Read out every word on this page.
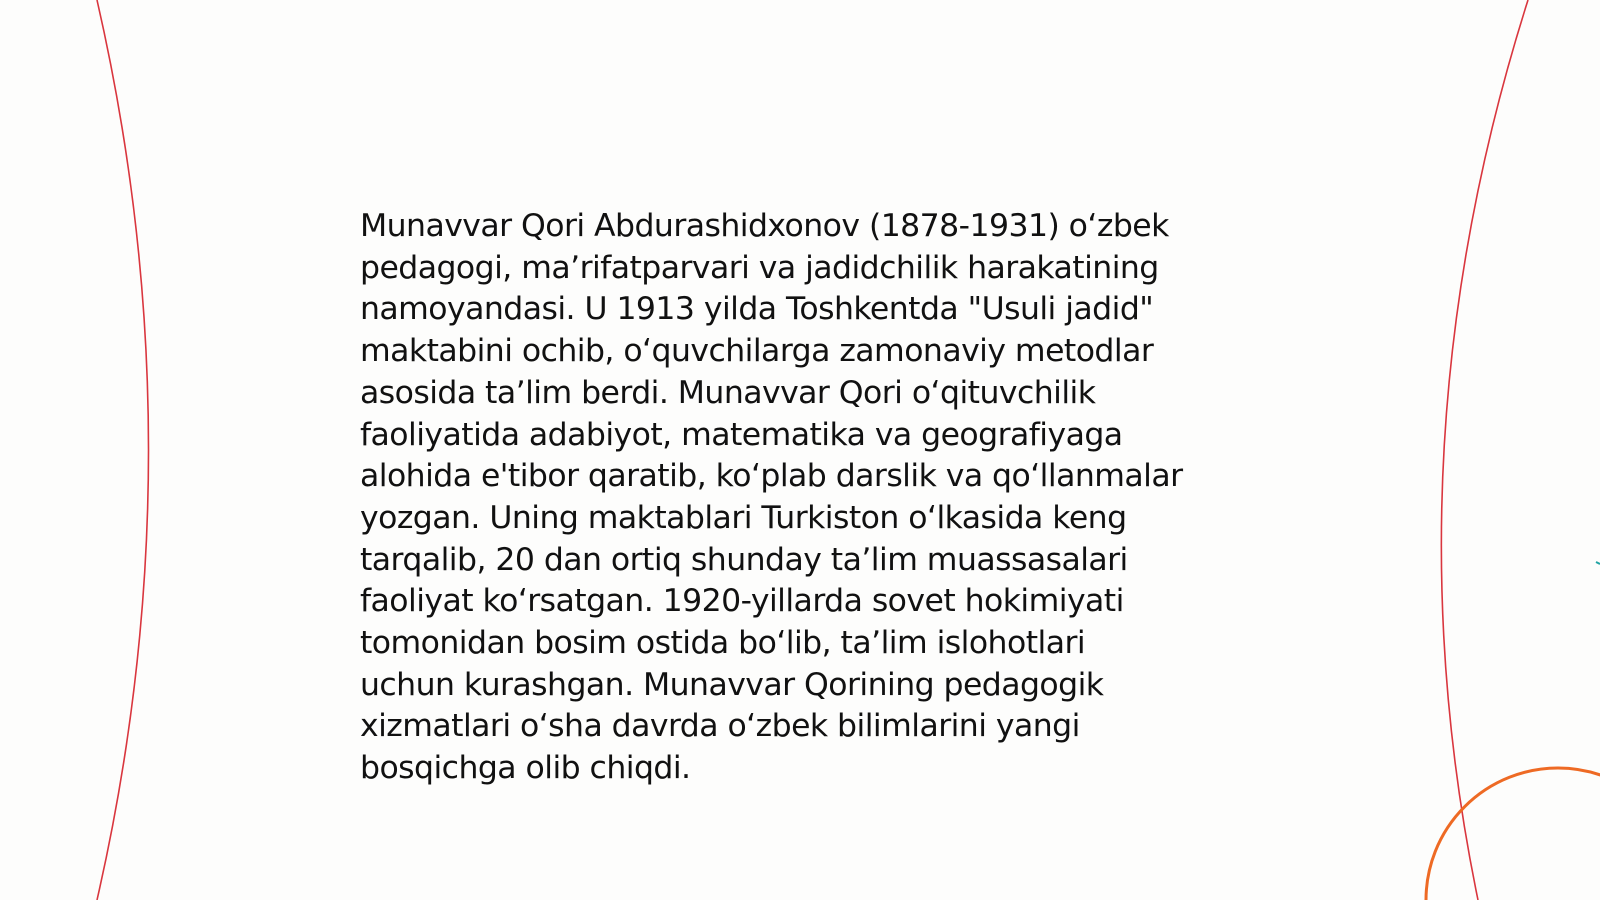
Munavvar Qori Abdurashidxonov (1878-1931) o‘zbek
pedagogi, ma’rifatparvari va jadidchilik harakatining
namoyandasi. U 1913 yilda Toshkentda "Usuli jadid"
maktabini ochib, o‘quvchilarga zamonaviy metodlar
asosida ta’lim berdi. Munavvar Qori o‘qituvchilik
faoliyatida adabiyot, matematika va geografiyaga
alohida e'tibor qaratib, ko‘plab darslik va qo‘llanmalar
yozgan. Uning maktablari Turkiston o‘lkasida keng
tarqalib, 20 dan ortiq shunday ta’lim muassasalari
faoliyat ko‘rsatgan. 1920-yillarda sovet hokimiyati
tomonidan bosim ostida bo‘lib, ta’lim islohotlari
uchun kurashgan. Munavvar Qorining pedagogik
xizmatlari o‘sha davrda o‘zbek bilimlarini yangi
bosqichga olib chiqdi.
